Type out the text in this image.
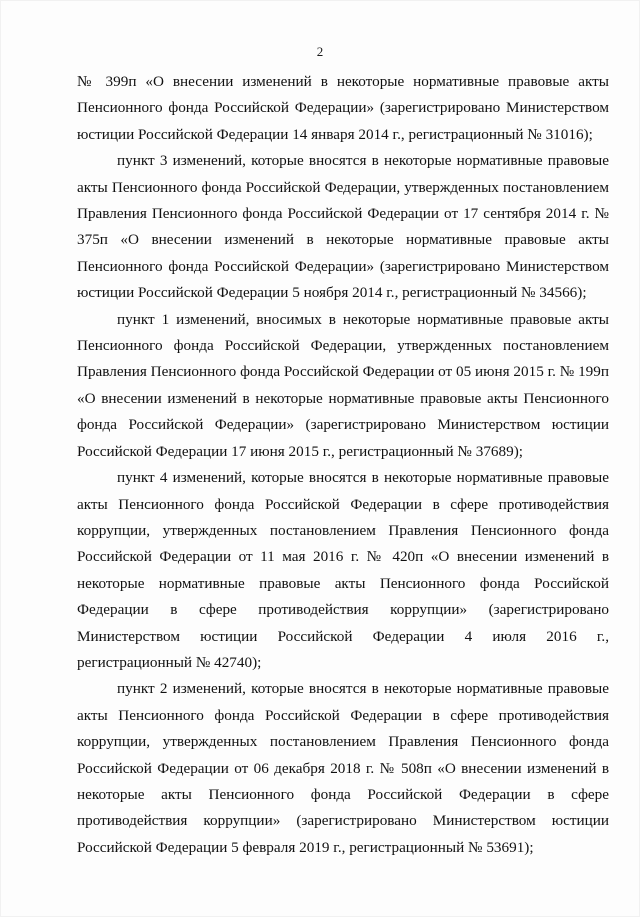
2

№ 399п «О внесении изменений в некоторые нормативные правовые акты Пенсионного фонда Российской Федерации» (зарегистрировано Министерством юстиции Российской Федерации 14 января 2014 г., регистрационный № 31016);

пункт 3 изменений, которые вносятся в некоторые нормативные правовые акты Пенсионного фонда Российской Федерации, утвержденных постановлением Правления Пенсионного фонда Российской Федерации от 17 сентября 2014 г. № 375п «О внесении изменений в некоторые нормативные правовые акты Пенсионного фонда Российской Федерации» (зарегистрировано Министерством юстиции Российской Федерации 5 ноября 2014 г., регистрационный № 34566);

пункт 1 изменений, вносимых в некоторые нормативные правовые акты Пенсионного фонда Российской Федерации, утвержденных постановлением Правления Пенсионного фонда Российской Федерации от 05 июня 2015 г. № 199п «О внесении изменений в некоторые нормативные правовые акты Пенсионного фонда Российской Федерации» (зарегистрировано Министерством юстиции Российской Федерации 17 июня 2015 г., регистрационный № 37689);

пункт 4 изменений, которые вносятся в некоторые нормативные правовые акты Пенсионного фонда Российской Федерации в сфере противодействия коррупции, утвержденных постановлением Правления Пенсионного фонда Российской Федерации от 11 мая 2016 г. № 420п «О внесении изменений в некоторые нормативные правовые акты Пенсионного фонда Российской Федерации в сфере противодействия коррупции» (зарегистрировано Министерством юстиции Российской Федерации 4 июля 2016 г., регистрационный № 42740);

пункт 2 изменений, которые вносятся в некоторые нормативные правовые акты Пенсионного фонда Российской Федерации в сфере противодействия коррупции, утвержденных постановлением Правления Пенсионного фонда Российской Федерации от 06 декабря 2018 г. № 508п «О внесении изменений в некоторые акты Пенсионного фонда Российской Федерации в сфере противодействия коррупции» (зарегистрировано Министерством юстиции Российской Федерации 5 февраля 2019 г., регистрационный № 53691);
